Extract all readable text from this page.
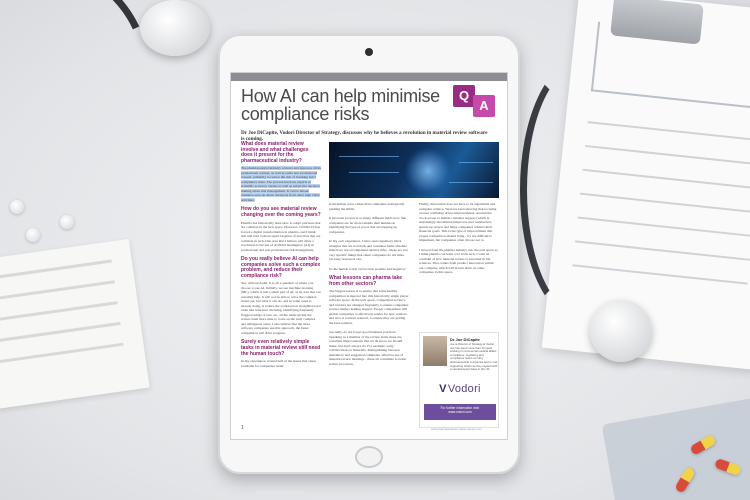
How AI can help minimise compliance risks
Q
A
Dr Joe DiCapite, Vodori Director of Strategy, discusses why he believes a revolution in material review software is coming.
What does material review involve and what challenges does it present for the pharmaceutical industry?
The pharmaceutical industry reviews and approves all its promotional content, as well as some non-promotional content, primarily to reduce the risk of breaking strict compliance rules. The process involves experts in scientific accuracy checks as well as subjective decision making about risk management. It can be labour intensive and can divert decisions from other high value activities.
How do you see material review changing over the coming years?
Pharma has historically been slow to adopt practices that are common in the tech space. However, COVID-19 has forced a digital transformation in pharma, and I think this will lead to more rapid adoption of practices that are common in tech. One area that I believe will drive a revolution is the use of artificial intelligence (AI) in promotional and non-promotional risk management.
Do you really believe AI can help companies solve such a complex problem, and reduce their compliance risk?
Yes, without doubt. It is all a question of where you choose to use AI. Initially, we see machine learning (ML), which is just a small part of AI, as an area that can certainly help. It will not be able to solve the complex issues yet, but what it can do, and in some cases is already doing, is reduce the workload on straightforward tasks like reference checking, identifying frequently flagged strings of text, etc, all the while giving the review team more time to focus on the truly complex and ambiguous areas. I also believe that the more software companies use this approach, the faster competition will drive progress.
Surely even relatively simple tasks in material review still need the human touch?
In my experience, around half of the issues that cause problems for companies result
from human error, rather than companies strategically pushing the limits.
It has been proven in so many different fields now, that computers are far more reliable than humans in identifying the type of errors that are tripping up companies.
In my own experience, I have seen regulatory black triangles that are not black and countless items absolute risks have not accompanied relative risks - these are low very specific things that smart computers do not miss, yet busy reviewers can.
So the human touch can be both positive and negative!
What lessons can pharma take from other sectors?
The biggest lesson is to ensure that some healthy competition is injected into this historically single player software space. In the tech space, competition is fierce and vendors are changed frequently to ensure companies receive market leading support. Proper competition will enable companies to effectively tender for new vendors, and also at contract renewal, to ensure they are getting the best solution.
Secondly, do not forget good business practices. Speaking as a member of the review team, there are countless improvements that we all know we should make, but don't always do. For example, early collaboration on materials, distinguishing between mandatory and suggested comments, effective use of material review meetings - these all contribute to better review processes.
Finally, innovation does not have to be algorithms and computer science. We have been showing that focusing on user wellbeing drives improvements. Around the clock access to human customer support (which is surprisingly uncommon) improves user satisfaction, speeds up review and helps companies achieve their financial goals. This is the type of improvement that proper competition should bring - it's not difficult to implement, but companies often choose not to.
I moved from the pharma industry into the tech space so I think pharma can learn a lot from tech. I want an overhaul of how material review is executed in life sciences. That comes from product innovation within our company, which will in turn drive on other companies in this space.
Dr Joe DiCapite
Joe is Director of Strategy at Vodori, Joe has spent more than 20 years working in commercial medical affairs compliance, regulatory and compliance teams at many pharmaceutical companies and is now supporting Vodori as they expand with a new European base in the UK.
VVodori
For further information visit:
www.vodori.com
1	www.pharmaceutical-market-europe.com
